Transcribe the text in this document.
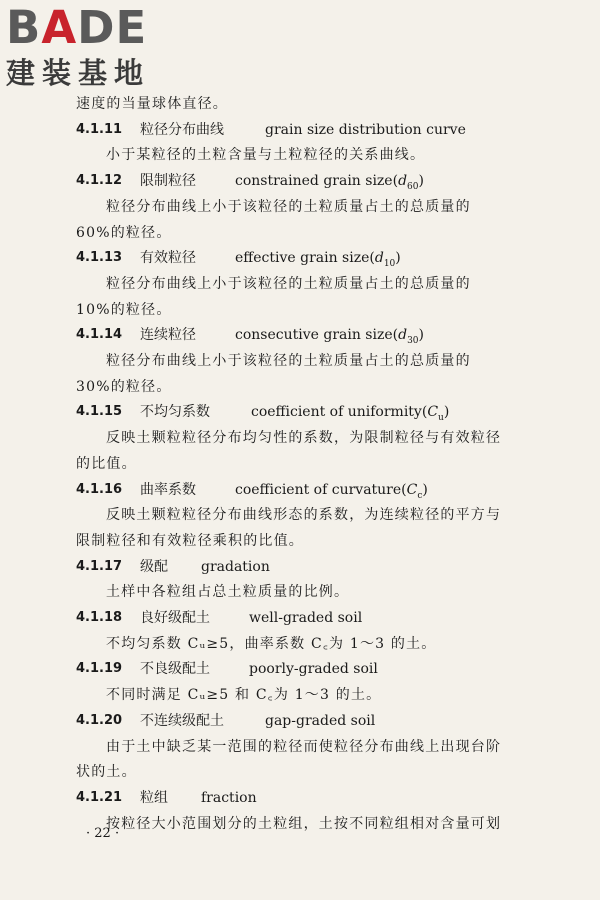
BADE
建装基地
速度的当量球体直径。
4.1.11 粒径分布曲线	grain size distribution curve
小于某粒径的土粒含量与土粒粒径的关系曲线。
4.1.12 限制粒径	constrained grain $size(d_{60})$
粒径分布曲线上小于该粒径的土粒质量占土的总质量的
60%的粒径。
4.1.13 有效粒径	effective grain $size(d_{10})$
粒径分布曲线上小于该粒径的土粒质量占土的总质量的
10%的粒径。
4.1.14 连续粒径	consecutive grain $size(d_{30})$
粒径分布曲线上小于该粒径的土粒质量占土的总质量的
30%的粒径。
4.1.15 不均匀系数	coefficient of $uniformity(C_u)$
反映土颗粒粒径分布均匀性的系数，为限制粒径与有效粒径
的比值。
4.1.16 曲率系数	coefficient of $curvature(C_c)$
反映土颗粒粒径分布曲线形态的系数，为连续粒径的平方与
限制粒径和有效粒径乘积的比值。
4.1.17 级配 gradation
土样中各粒组占总土粒质量的比例。
4.1.18 良好级配土	well-graded soil
不均匀系数 Cᵤ≥5，曲率系数 C꜀为 1～3 的土。
4.1.19 不良级配土	poorly-graded soil
不同时满足 Cᵤ≥5 和 C꜀为 1～3 的土。
4.1.20 不连续级配土	gap-graded soil
由于土中缺乏某一范围的粒径而使粒径分布曲线上出现台阶
状的土。
4.1.21 粒组 fraction
按粒径大小范围划分的土粒组，土按不同粒组相对含量可划
· 22 ·
